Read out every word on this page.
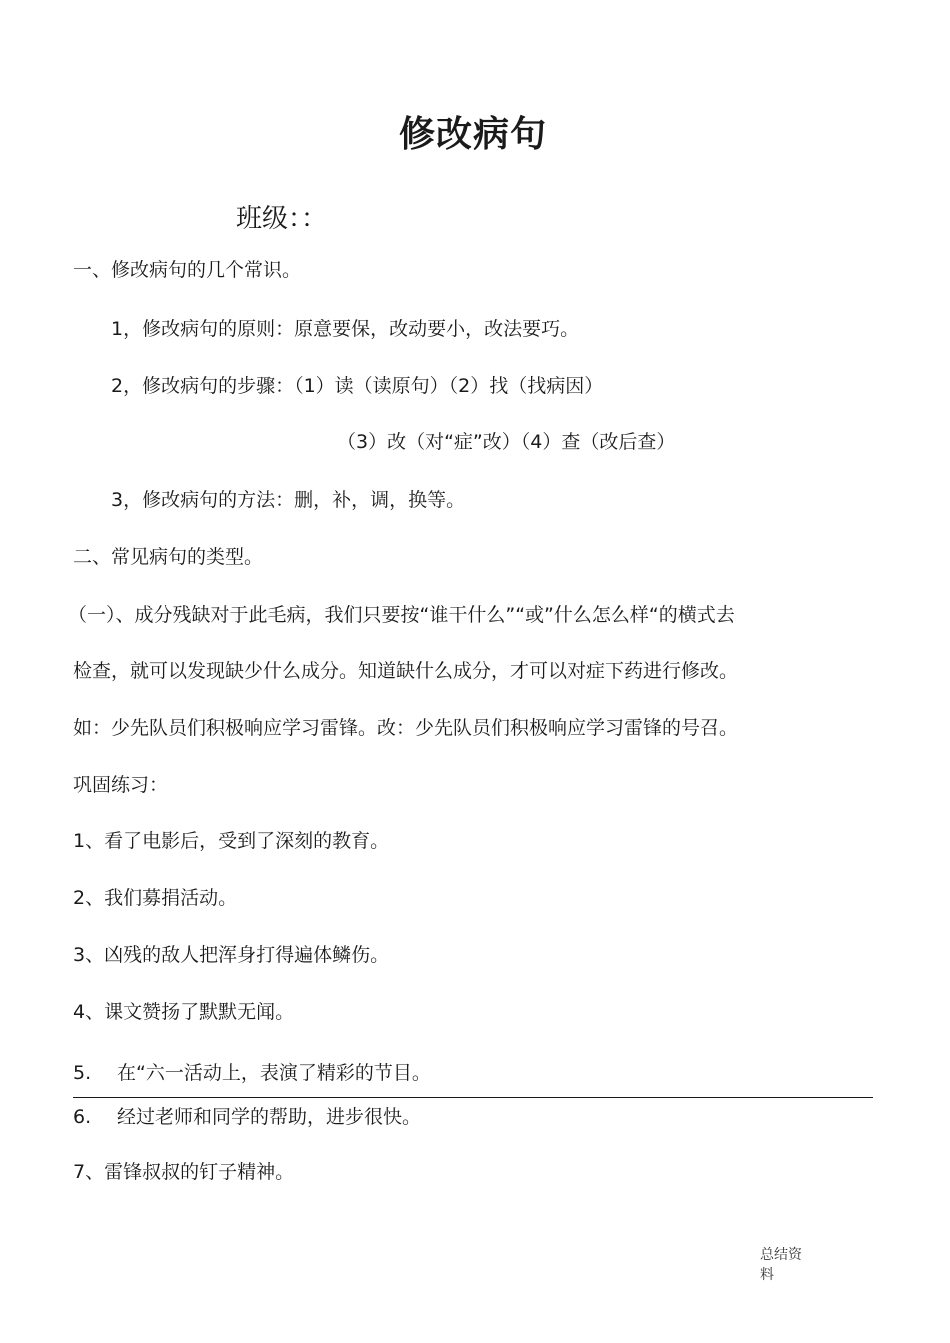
修改病句
班级：：
一、修改病句的几个常识。
1，修改病句的原则：原意要保，改动要小，改法要巧。
2，修改病句的步骤：（1）读（读原句）（2）找（找病因）
（3）改（对“症”改）（4）查（改后查）
3，修改病句的方法：删，补，调，换等。
二、常见病句的类型。
（一）、成分残缺对于此毛病，我们只要按“谁干什么”“或”什么怎么样“的横式去
检查，就可以发现缺少什么成分。知道缺什么成分，才可以对症下药进行修改。
如：少先队员们积极响应学习雷锋。改：少先队员们积极响应学习雷锋的号召。
巩固练习：
1、看了电影后，受到了深刻的教育。
2、我们募捐活动。
3、凶残的敌人把浑身打得遍体鳞伤。
4、课文赞扬了默默无闻。
5. 在“六一活动上，表演了精彩的节目。
6. 经过老师和同学的帮助，进步很快。
7、雷锋叔叔的钉子精神。
总结资料
